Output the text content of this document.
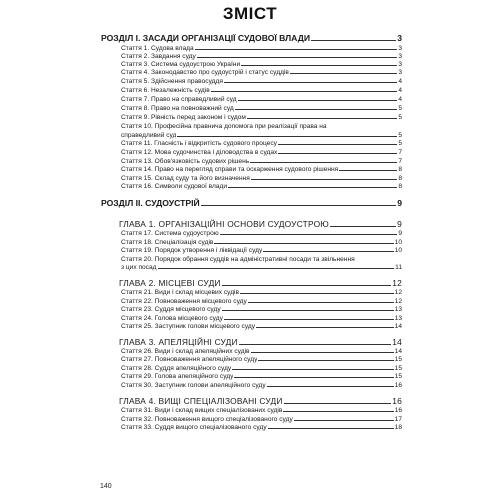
ЗМІСТ
РОЗДІЛ І. ЗАСАДИ ОРГАНІЗАЦІЇ СУДОВОЇ ВЛАДИ	3
Стаття 1. Судова влада	3
Стаття 2. Завдання суду	3
Стаття 3. Система судоустрою України	3
Стаття 4. Законодавство про судоустрій і статус суддів	3
Стаття 5. Здійснення правосуддя	4
Стаття 6. Незалежність судів	4
Стаття 7. Право на справедливий суд	4
Стаття 8. Право на повноважний суд	5
Стаття 9. Рівність перед законом і судом	5
Стаття 10. Професійна правнича допомога при реалізації права на
справедливий суд	5
Стаття 11. Гласність і відкритість судового процесу	5
Стаття 12. Мова судочинства і діловодства в судах	7
Стаття 13. Обов'язковість судових рішень	7
Стаття 14. Право на перегляд справи та оскарження судового рішення	8
Стаття 15. Склад суду та його визначення	8
Стаття 16. Символи судової влади	8
РОЗДІЛ ІІ. СУДОУСТРІЙ	9
ГЛАВА 1. ОРГАНІЗАЦІЙНІ ОСНОВИ СУДОУСТРОЮ	9
Стаття 17. Система судоустрою	9
Стаття 18. Спеціалізація судів	10
Стаття 19. Порядок утворення і ліквідації суду	10
Стаття 20. Порядок обрання суддів на адміністративні посади та звільнення
з цих посад	11
ГЛАВА 2. МІСЦЕВІ СУДИ	12
Стаття 21. Види і склад місцевих судів	12
Стаття 22. Повноваження місцевого суду	12
Стаття 23. Суддя місцевого суду	13
Стаття 24. Голова місцевого суду	13
Стаття 25. Заступник голови місцевого суду	14
ГЛАВА 3. АПЕЛЯЦІЙНІ СУДИ	14
Стаття 26. Види і склад апеляційних судів	14
Стаття 27. Повноваження апеляційного суду	15
Стаття 28. Суддя апеляційного суду	15
Стаття 29. Голова апеляційного суду	15
Стаття 30. Заступник голови апеляційного суду	16
ГЛАВА 4. ВИЩІ СПЕЦІАЛІЗОВАНІ СУДИ	16
Стаття 31. Види і склад вищих спеціалізованих судів	16
Стаття 32. Повноваження вищого спеціалізованого суду	17
Стаття 33. Суддя вищого спеціалізованого суду	18
140
